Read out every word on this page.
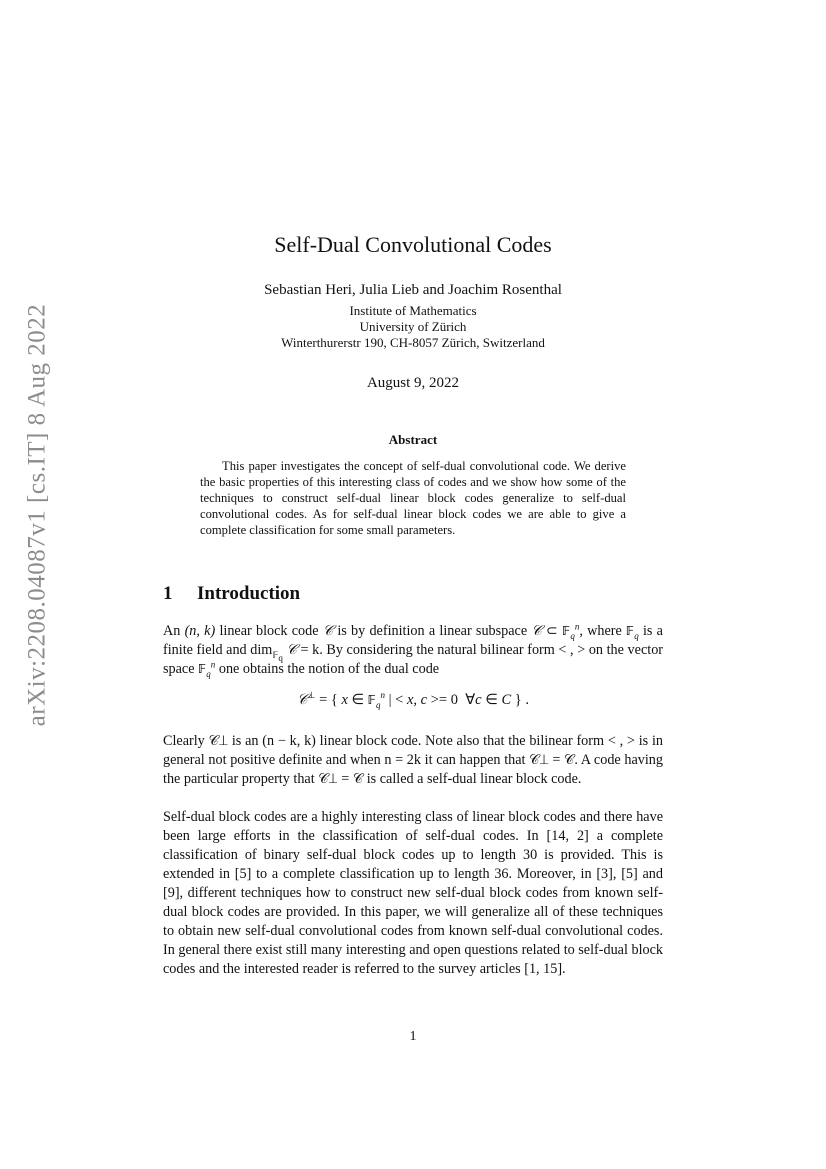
arXiv:2208.04087v1 [cs.IT] 8 Aug 2022
Self-Dual Convolutional Codes
Sebastian Heri, Julia Lieb and Joachim Rosenthal
Institute of Mathematics
University of Zürich
Winterthurerstr 190, CH-8057 Zürich, Switzerland
August 9, 2022
Abstract
This paper investigates the concept of self-dual convolutional code. We derive the basic properties of this interesting class of codes and we show how some of the techniques to construct self-dual linear block codes generalize to self-dual convolutional codes. As for self-dual linear block codes we are able to give a complete classification for some small parameters.
1 Introduction
An (n, k) linear block code 𝒞 is by definition a linear subspace 𝒞 ⊂ 𝔽$_q^n$, where 𝔽$_q$ is a finite field and dim$_{𝔽_q}$ 𝒞 = k. By considering the natural bilinear form < , > on the vector space 𝔽$_q^n$ one obtains the notion of the dual code
𝒞⊥ = { x ∈ 𝔽$_q^n$ | < x, c >= 0  ∀c ∈ C } .
Clearly 𝒞⊥ is an (n − k, k) linear block code. Note also that the bilinear form < , > is in general not positive definite and when n = 2k it can happen that 𝒞⊥ = 𝒞. A code having the particular property that 𝒞⊥ = 𝒞 is called a self-dual linear block code.
Self-dual block codes are a highly interesting class of linear block codes and there have been large efforts in the classification of self-dual codes. In [14, 2] a complete classification of binary self-dual block codes up to length 30 is provided. This is extended in [5] to a complete classification up to length 36. Moreover, in [3], [5] and [9], different techniques how to construct new self-dual block codes from known self-dual block codes are provided. In this paper, we will generalize all of these techniques to obtain new self-dual convolutional codes from known self-dual convolutional codes. In general there exist still many interesting and open questions related to self-dual block codes and the interested reader is referred to the survey articles [1, 15].
1
